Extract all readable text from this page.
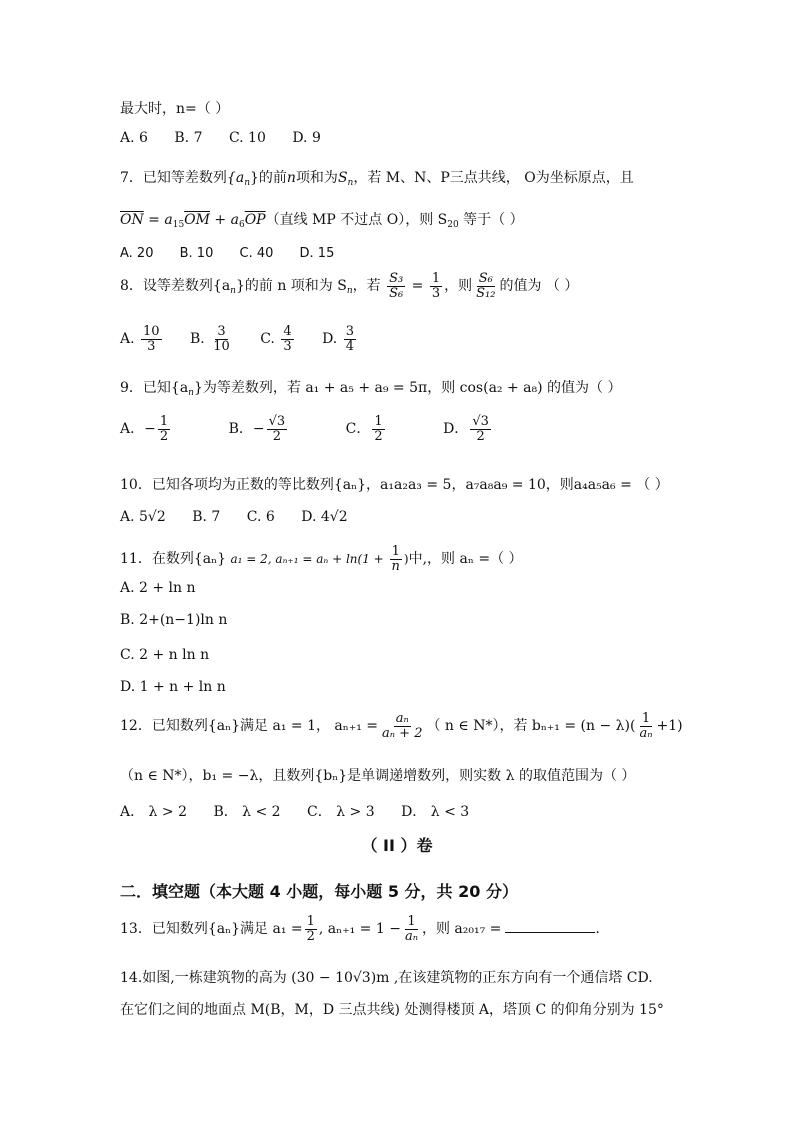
最大时，n=（ ）
A. 6 B. 7 C. 10 D. 9
7．已知等差数列$\{a_n\}$的前n项和为$S_n$，若 M、N、P三点共线， O为坐标原点，且
$\overline{ON} = a_{15}\overline{OM} + a_6\overline{OP}$（直线 MP 不过点 O），则 $S_{20}$ 等于（ ）
A. 20 B. 10 C. 40 D. 15
8．设等差数列$\{a_n\}$的前 n 项和为 $S_n$，若 $\frac{\text{S₃}}{\text{S₆}} = \frac{1}{3}$ ，则 $\frac{\text{S₆}}{\text{S₁₂}}$ 的值为 （ ）
A. $\frac{10}{3} B$. $\frac{3}{10} C$. $\frac{4}{3} D$. $\frac{3}{4}$
9．已知$\{a_n\}$为等差数列，若 a₁ + a₅ + a₉ = 5π，则 cos(a₂ + a₈) 的值为（ ）
A．− $\frac{1}{2}$	B．− $\frac{√3}{2}$	C． $\frac{1}{2}$	D． $\frac{√3}{2}$
10．已知各项均为正数的等比数列{aₙ}，a₁a₂a₃ = 5，a₇a₈a₉ = 10，则a₄a₅a₆ = （ ）
A. 5√2 B. 7 C. 6 D. 4√2
11．在数列{aₙ} a₁ = 2, $a_{n+1} = a_n + \ln(1 + \frac{1}{n}$ )中,，则 aₙ =（ ）
A. 2 + ln n
B. 2+(n−1)ln n
C. 2 + n ln n
D. 1 + n + ln n
12．已知数列{aₙ}满足 a₁ = 1， $a_{n+1} = \frac{\text{aₙ}}{\text{aₙ + 2}}$ （ n ∈ N*），若 $b_{n+1} = (n - \lambda)( \frac{1}{\text{aₙ}} +1)$
（n ∈ N*），b₁ = −λ，且数列{bₙ}是单调递增数列，则实数 λ 的取值范围为（ ）
A． λ > 2 B． λ < 2 C． λ > 3 D． λ < 3
（ II ）卷
二．填空题（本大题 4 小题，每小题 5 分，共 20 分）
13．已知数列{aₙ}满足 $a_1 = \frac{1}{2}$ , $a_{n+1} = 1 - \frac{1}{\text{aₙ}}$ ，则 a₂₀₁₇ =	.
14.如图,一栋建筑物的高为 (30 − 10√3)m ,在该建筑物的正东方向有一个通信塔 CD.
在它们之间的地面点 M(B，M，D 三点共线) 处测得楼顶 A，塔顶 C 的仰角分别为 15°
